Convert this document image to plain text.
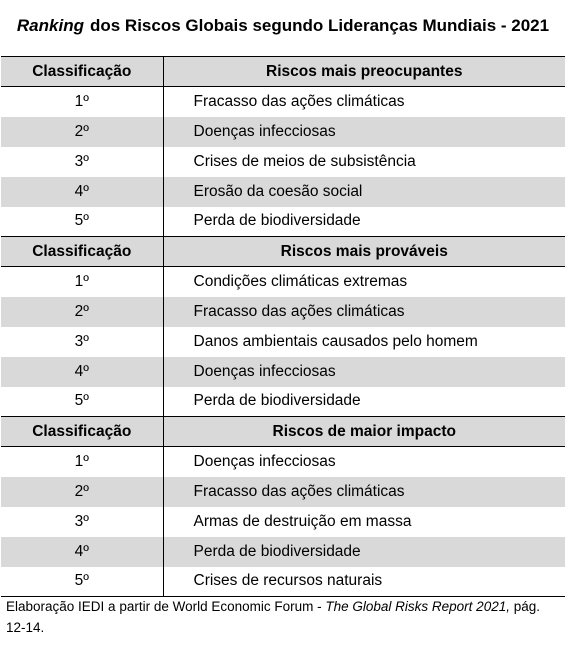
Ranking dos Riscos Globais segundo Lideranças Mundiais - 2021
Classificação	Riscos mais preocupantes
1º	Fracasso das ações climáticas
2º	Doenças infecciosas
3º	Crises de meios de subsistência
4º	Erosão da coesão social
5º	Perda de biodiversidade
Classificação	Riscos mais prováveis
1º	Condições climáticas extremas
2º	Fracasso das ações climáticas
3º	Danos ambientais causados pelo homem
4º	Doenças infecciosas
5º	Perda de biodiversidade
Classificação	Riscos de maior impacto
1º	Doenças infecciosas
2º	Fracasso das ações climáticas
3º	Armas de destruição em massa
4º	Perda de biodiversidade
5º	Crises de recursos naturais
Elaboração IEDI a partir de World Economic Forum - The Global Risks Report 2021, pág. 12-14.
